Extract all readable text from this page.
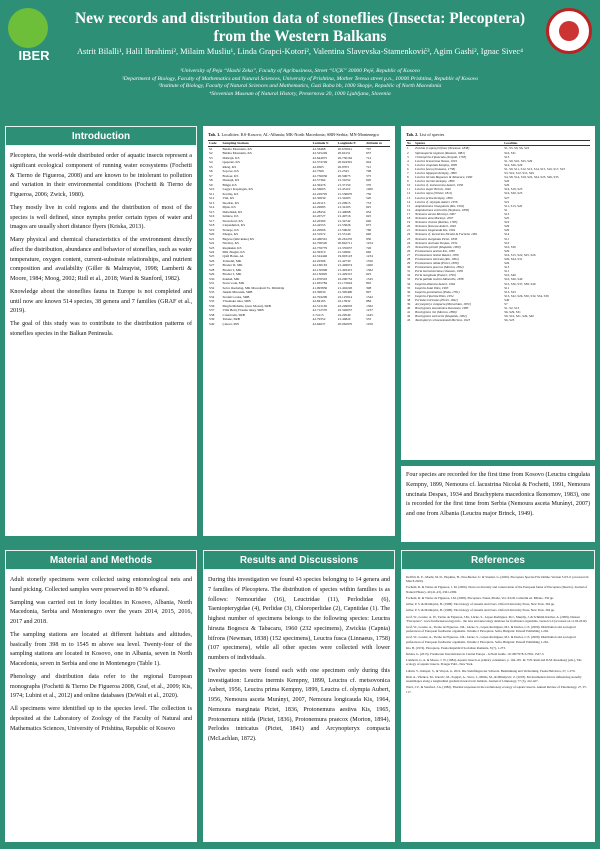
IBER
New records and distribution data of stoneflies (Insecta: Plecoptera) from the Western Balkans
Astrit Bilalli¹, Halil Ibrahimi², Milaim Musliu¹, Linda Grapci-Kotori², Valentina Slavevska-Stamenković³, Agim Gashi², Ignac Sivec⁴

¹University of Peja “Haxhi Zeka”, Faculty of Agribusiness, Street “UÇK” 30000 Pejë, Republic of Kosovo

²Department of Biology, Faculty of Mathematics and Natural Sciences, University of Prishtina, Mother Teresa street p.n., 10000 Prishtina, Republic of Kosovo

³Institute of Biology, Faculty of Natural Sciences and Mathematics, Gazi Baba bb, 1000 Skopje, Republic of North Macedonia

⁴Slovenian Museum of Natural History, Presernova 20, 1000 Ljubljana, Slovenia

Introduction

Plecoptera, the world-wide distributed order of aquatic insects represent a significant ecological component of running water ecosystems (Fochetti & Tierno de Figueroa, 2008) and are known to be intolerant to pollution and variation in their environmental conditions (Fochetti & Tierno de Figueroa, 2006; Zwick, 1980).

They mostly live in cold regions and the distribution of most of the species is well defined, since nymphs prefer certain types of water and imagos are usually short distance flyers (Kriska, 2013).

Many physical and chemical characteristics of the environment directly affect the distribution, abundance and behavior of stoneflies, such as water temperature, oxygen content, current-substrate relationships, and nutrient composition and availability (Giller & Malmqvist, 1998; Lamberti & Moore, 1984; Moog, 2002; Ridl et al., 2018; Ward & Stanford, 1982).

Knowledge about the stoneflies fauna in Europe is not completed and until now are known 514 species, 38 genera and 7 families (GRAF et al., 2019).

The goal of this study was to contribute to the distribution patterns of stoneflies species in the Balkan Peninsula.

Material and Methods

Adult stonefly specimens were collected using entomological nets and hand picking. Collected samples were preserved in 80 % ethanol.

Sampling was carried out in forty localities in Kosovo, Albania, North Macedonia, Serbia and Montenegro over the years 2014, 2015, 2016, 2017 and 2018.

The sampling stations are located at different habitats and altitudes, basically from 398 m to 1545 m above sea level. Twenty-four of the sampling stations are located in Kosovo, one in Albania, seven in North Macedonia, seven in Serbia and one in Montenegro (Table 1).

Phenology and distribution data refer to the regional European monographs (Fochetti & Tierno De Figueroa 2008, Graf, et al., 2009; Kis, 1974; Lubini et al., 2012) and online databases (DeWalt et al., 2020).

All specimens were identified up to the species level. The collection is deposited at the Laboratory of Zoology of the Faculty of Natural and Mathematics Sciences, University of Prishtina, Republic of Kosovo

Tab. 1. Localities: KS-Kosovo; AL-Albania; MK-North Macedonia; SRB-Serbia; MN-Montenegro
Code	Sampling Stations	Latitude N	Longitude E	Altitude m
S1	Beisha Mountain, KS	42.56468	20.676041	707
S2	Beisha Mountain, KS	42.525249	20.64151	637
S3	Dubrajë, KS	42.644975	20.730162	712
S4	Qeqeraë, KS	42.574749	20.924391	944
S5	Rëzaj, KS	42.9305	20.9703	721
S6	Sopove, KS	42.7569	21.2343	798
S7	Bodoer, KS	42.756036	20.50675	575
S8	Drenajë, KS	42.57364	21.31052	620
S9	Bingë, KS	42.39476	21.37150	570
S10	Lugje i Kapilogës, KS	42.56605	21.45110	1400
S11	Koritiq, KS	42.229795	21.536670	730
S12	Vitë, KS	42.30639	21.34203	520
S13	Skodrie, KS	42.20113	21.20915	753
S14	Mjak, KS	42.29983	21.34103	625
S15	Debellakë, KS	42.28454	21.40098	952
S16	Istinice, KS	42.20727	21.49716	625
S17	Strezofecë, KS	42.20360	21.34742	640
S18	Llapushnicë, KS	42.42553	21.55626	675
S19	Stanoje, KS	42.20906	21.59029	760
S20	Zhegre, KS	42.31972	21.53140	640
S21	Bageve (mlë kishe) KS	42.460591	20.261235	930
S22	Nivdraj, KS	42.706520	20.842711	1254
S23	Reqikukë, KS	42.759779	21.335037	726
S24	Mlit Zhegër, KS	42.39319	21.54994	640
S25	Qafë Bonte, AL	42.524446	19.903123	1234
S26	Tomsdal, MK	42.20396	21.42730	1350
S27	Brodec II, MK	42.160163	21.449974	1400
S28	Brodec I, MK	42.150096	21.493415	1362
S29	Brodec I, MK	42.130695	21.429315	625
S30	Kankel, MK	41.976503	22.200752	1545
S31	Sretu voda, MK	41.935784	21.172624	845
S32	Selca Osebabej, MK Macedonii Sv. Dimitrija	41.993836	21.402226	398
S33	Jankin Mucanin, SRB	43.39930	21.395490	997
S34	Sredetvo reke, SRB	42.794299	22.125914	1342
S35	Vlasinska reka, SRB	42.84165	22.13932	884
S36	Megfu Mehalle, (near Mosul), SRB	42.513165	22.249003	1362
S37	Villa Betí (Vlasina lake), SRB	42.712570	22.326057	1237
S38	Crnasvada, SRB	2.74115	22.29549	1445
S39	Tulane, SRB	42.79352	21.44824	535
S40	Çakorr, MN	42.64637	20.062970	1250
Results and Discussions

During this investigation we found 43 species belonging to 14 genera and 7 families of Plecoptera. The distribution of species within families is as follows: Nemouridae (16), Leuctridae (11), Perlodidae (6), Taeniopterygidae (4), Perlidae (3), Chloroperlidae (2), Capniidae (1). The highest number of specimens belongs to the following species: Leuctra hirsuta Bogescu & Tabacaru, 1960 (232 specimens), Zwickia (Capnia) bifrons (Newman, 1838) (152 specimens), Leuctra fusca (Linnaeus, 1758) (107 specimens), while all other species were collected with lower numbers of individuals.

Twelve species were found each with one specimen only during this investigation: Leuctra inermis Kempny, 1899, Leuctra cf. metsovonica Aubert, 1956, Leuctra prima Kempny, 1899, Leuctra cf. olympia Aubert, 1956, Nemoura asceta Murányi, 2007, Nemoura longicauda Kis, 1964, Nemoura marginata Pictet, 1836, Protonemura aestiva Kis, 1965, Protonemura nitida (Pictet, 1836), Protonemura praecox (Morton, 1894), Perlodes intricatus (Pictet, 1841) and Arcynopteryx compacta (McLachlan, 1872).

Tab. 2. List of species
No	Species	Localities
1	Zwickia (Capnia) bifrons (Newman, 1838)	S1, S5, S9, S6, S23
2	Siphonoperla neglecta (Rostock, 1881)	S16, S31
3	Chloroperla tripunctata (Scopoli, 1763)	S13
4	Leuctra braueriana Navas, 1919	S1, S9, S10, S25, S29
5	Leuctra cingulata Kempny, 1899	S16, S26, S29
6	Leuctra fusca (Linnaeus, 1758)	S1, S9, S11, S12, S13, S14, S15, S16, S17, S23
7	Leuctra hippopus Kempny, 1899	S3, S10, S12, S15, S29
8	Leuctra hirsuta Bogoescu & Tabacaru, 1960	S4, S8, S14, S19, S22, S24, S25, S26, S35
9	Leuctra inermis Kempny, 1899	S20
10	Leuctra cf. metsovonica Aubert, 1956	S26
11	Leuctra major Brinck, 1949	S16, S19, S25
12	Leuctra nigra (Olivier, 1811)	S16, S20, S25
13	Leuctra prima Kempny, 1899	S27
14	Leuctra cf. olympia Aubert, 1956	S21
15	Amphinemura triangularis (Ris, 1902)	S11, S13, S20
16	Amphinemura sulcicollis (Stephens, 1836)	S1
17	Nemoura asceta Murányi, 2007	S13
18	Nemoura ania Murányi, 2007	S25
19	Nemoura cinerea (Retzius, 1783)	S19
20	Nemoura flexuosa Aubert, 1949	S29
21	Nemoura longicauda Kis, 1964	S26
22	Nemoura cf. lacustrina Nicolai & Fochetti, 1991	S14
23	Nemoura marginata Pictet, 1836	S11
24	Nemoura uncinata Despax, 1934	S10
25	Nemurella pictetii (Klapálek, 1900)	S10, S30
26	Protonemura aestiva Kis, 1965	S29
27	Protonemura hrabei Raušer, 1956	S16, S15, S22, S25, S26
28	Protonemura intricata (Ris, 1902)	S20, S24, S31
29	Protonemura nitida (Pictet, 1836)	S26
30	Protonemura praecox (Morton, 1894)	S13
31	Perla burmeisteriana Claassen, 1936	S11
32	Perla marginata (Panzer, 1799)	S10, S40
33	Perla pallida Guérin-Méneville, 1838	S10, S26, S40
34	Isoperla albanica Aubert, 1964	S15, S36, S37, S38, S40
35	Isoperla bulai Illies, 1963	S11
36	Isoperla grammatica (Poda, 1761)	S13, S23
37	Isoperla tripartita Illies, 1954	S13, S22, S26, S30, S32, S34, S39
38	Perlodes intricatus (Pictet, 1841)	S40
39	Arcynopteryx compacta (McLachlan, 1872)	S7
40	Brachyptera macedonica Ikonomov, 1983	S1, S2, S13
41	Brachyptera risi (Morton, 1896)	S6, S29, S31
42	Brachyptera seticornis (Klapálek, 1902)	S9, S10, S21, S26, S40
43	Taeniopteryx schoenemundi Mertens, 1923	S6, S23

Four species are recorded for the first time from Kosovo (Leuctra cingulata Kempny, 1899, Nemoura cf. lacustrina Nicolai & Fochetti, 1991, Nemoura uncinata Despax, 1934 and Brachyptera macedonica Ikonomov, 1983), one is recorded for the first time from Serbia (Nemoura asceta Murányi, 2007) and one from Albania (Leuctra major Brinck, 1949).

References
DeWalt, R. E., Maehr, M. D., Hopkins, H., Neu-Becker, U. & Stueber, G. (2020). Plecoptera Species File Online. Version 5.0/5.0. [accessed 24 March 2020].
Fochetti, R. & Tierno de Figueroa, J. M. (2006). Notes on diversity and conservation of the European fauna of Plecoptera (Insecta). Journal of Natural History, 40 (41-43), 2361-2369.
Fochetti, R. & Tierno de Figueroa, J.M. (2008). Plecoptera. Fauna d'Italia, Vol. XLIII. Calderini ed. Milano. 350 pp.
Giller, P. S. & Malmqvist, B. (1998). The biology of streams and rivers. Oxford University Press, New York. 304 pp.
Giller, P. S. & Malmqvist, B. (1998). The biology of streams and rivers. Oxford University Press, New York. 304 pp.
Graf, W., Lorenz, A. W., Tierno de Figueroa, J.M., Lücke, S., López-Rodríguez, M.J., Murphy, J. & Schmidt-Kloiber, A. (2009). Dataset "Plecoptera". www.freshwaterecology.info - the taxa and autecology database for freshwater organisms, version 5.0 (accessed on 11.02.2019).
Graf, W., Lorenz, A., Tierno de Figueroa, J.M., Lücke, S., López-Rodríguez, M.J. & Davies, C.E. (2009). Distribution and ecological preferences of European freshwater organisms. Volume 2 Plecoptera. Sofia, Bulgaria: Pensoft Publishing 1-262.
Graf, W., Lorenz, A., Tierno de Figueroa, J.M., Lücke, S., López-Rodríguez, M.J. & Davies, C.E. (2009). Distribution and ecological preferences of European freshwater organisms. Volume 2 Plecoptera. Sofia, Bulgaria: Pensoft Publishing 1-262.
Kis, B. (1974). Plecoptera. Fauna Republicii Socialiste Romania, 8 (7), 1-273.
Kriska, G. (2013). Freshwater Invertebrates in Central Europe - A Field Guide. 10.1007/978-3-7091-1547-3.
Lamberti, G. A. & Moore, J. W. (1984). Aquatic insects as primary consumers, p. 164-195. In: V.H. Resh and D.M. Rosenberg (eds.), The ecology of aquatic insects. Praeger Publ., New York.
Lubini, V., Knispel, S., & Vinçon, G. 2012. Die Steinfliegen der Schweiz. Bestimmung und Verbreitung. Fauna Helvetica, 27, 1-270.
Ridl, A., Vilenica, M., Ivković, M., Popijač, A., Sivec, I., Miliša, M., & Mihaljević, Z. (2018). Environmental drivers influencing stonefly assemblages along a longitudinal gradient in karst lotic habitats. Journal of Limnology, 77 (3), 412-427.
Ward, J.V., & Stanford, J.A. (1982). Thermal responses in the evolutionary ecology of aquatic insects. Annual Review of Entomology, 27, 97-117.
